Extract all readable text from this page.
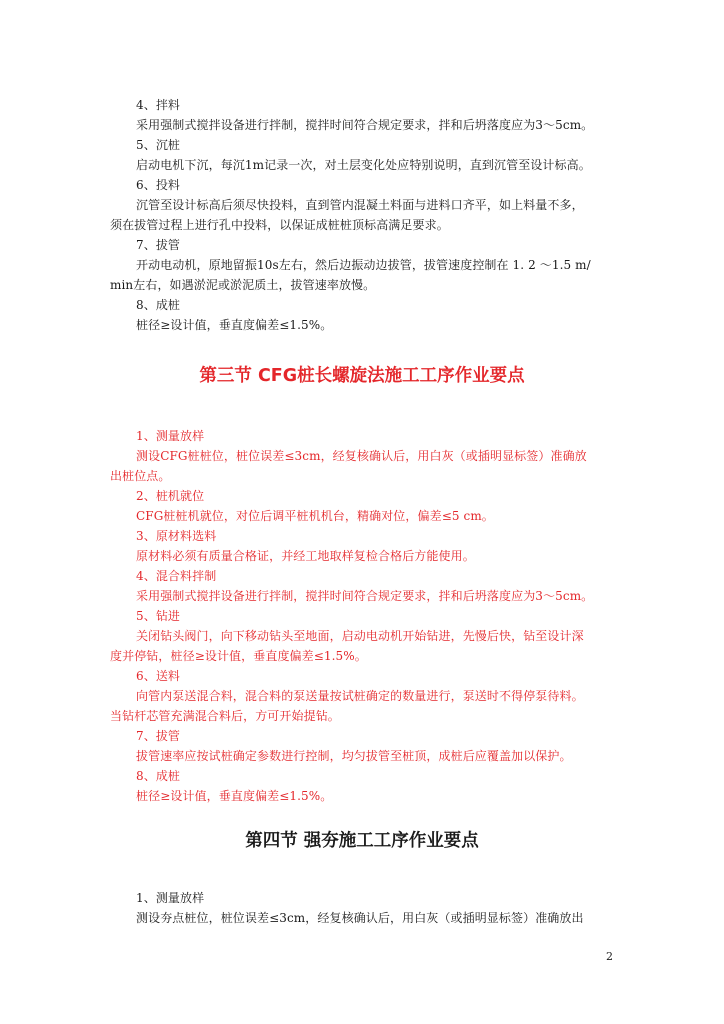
4、拌料
采用强制式搅拌设备进行拌制，搅拌时间符合规定要求，拌和后坍落度应为3～5cm。
5、沉桩
启动电机下沉，每沉1m记录一次，对土层变化处应特别说明，直到沉管至设计标高。
6、投料
沉管至设计标高后须尽快投料，直到管内混凝土料面与进料口齐平，如上料量不多，
须在拔管过程上进行孔中投料，以保证成桩桩顶标高满足要求。
7、拔管
开动电动机，原地留振10s左右，然后边振动边拔管，拔管速度控制在 1. 2 ～1.5 m/
min左右，如遇淤泥或淤泥质土，拔管速率放慢。
8、成桩
桩径≥设计值，垂直度偏差≤1.5%。
第三节 CFG桩长螺旋法施工工序作业要点
1、测量放样
测设CFG桩桩位，桩位误差≤3cm，经复核确认后，用白灰（或插明显标签）准确放
出桩位点。
2、桩机就位
CFG桩桩机就位，对位后调平桩机机台，精确对位，偏差≤5 cm。
3、原材料选料
原材料必须有质量合格证，并经工地取样复检合格后方能使用。
4、混合料拌制
采用强制式搅拌设备进行拌制，搅拌时间符合规定要求，拌和后坍落度应为3～5cm。
5、钻进
关闭钻头阀门，向下移动钻头至地面，启动电动机开始钻进，先慢后快，钻至设计深
度并停钻，桩径≥设计值，垂直度偏差≤1.5%。
6、送料
向管内泵送混合料，混合料的泵送量按试桩确定的数量进行，泵送时不得停泵待料。
当钻杆芯管充满混合料后，方可开始提钻。
7、拔管
拔管速率应按试桩确定参数进行控制，均匀拔管至桩顶，成桩后应覆盖加以保护。
8、成桩
桩径≥设计值，垂直度偏差≤1.5%。
第四节 强夯施工工序作业要点
1、测量放样
测设夯点桩位，桩位误差≤3cm，经复核确认后，用白灰（或插明显标签）准确放出
2
